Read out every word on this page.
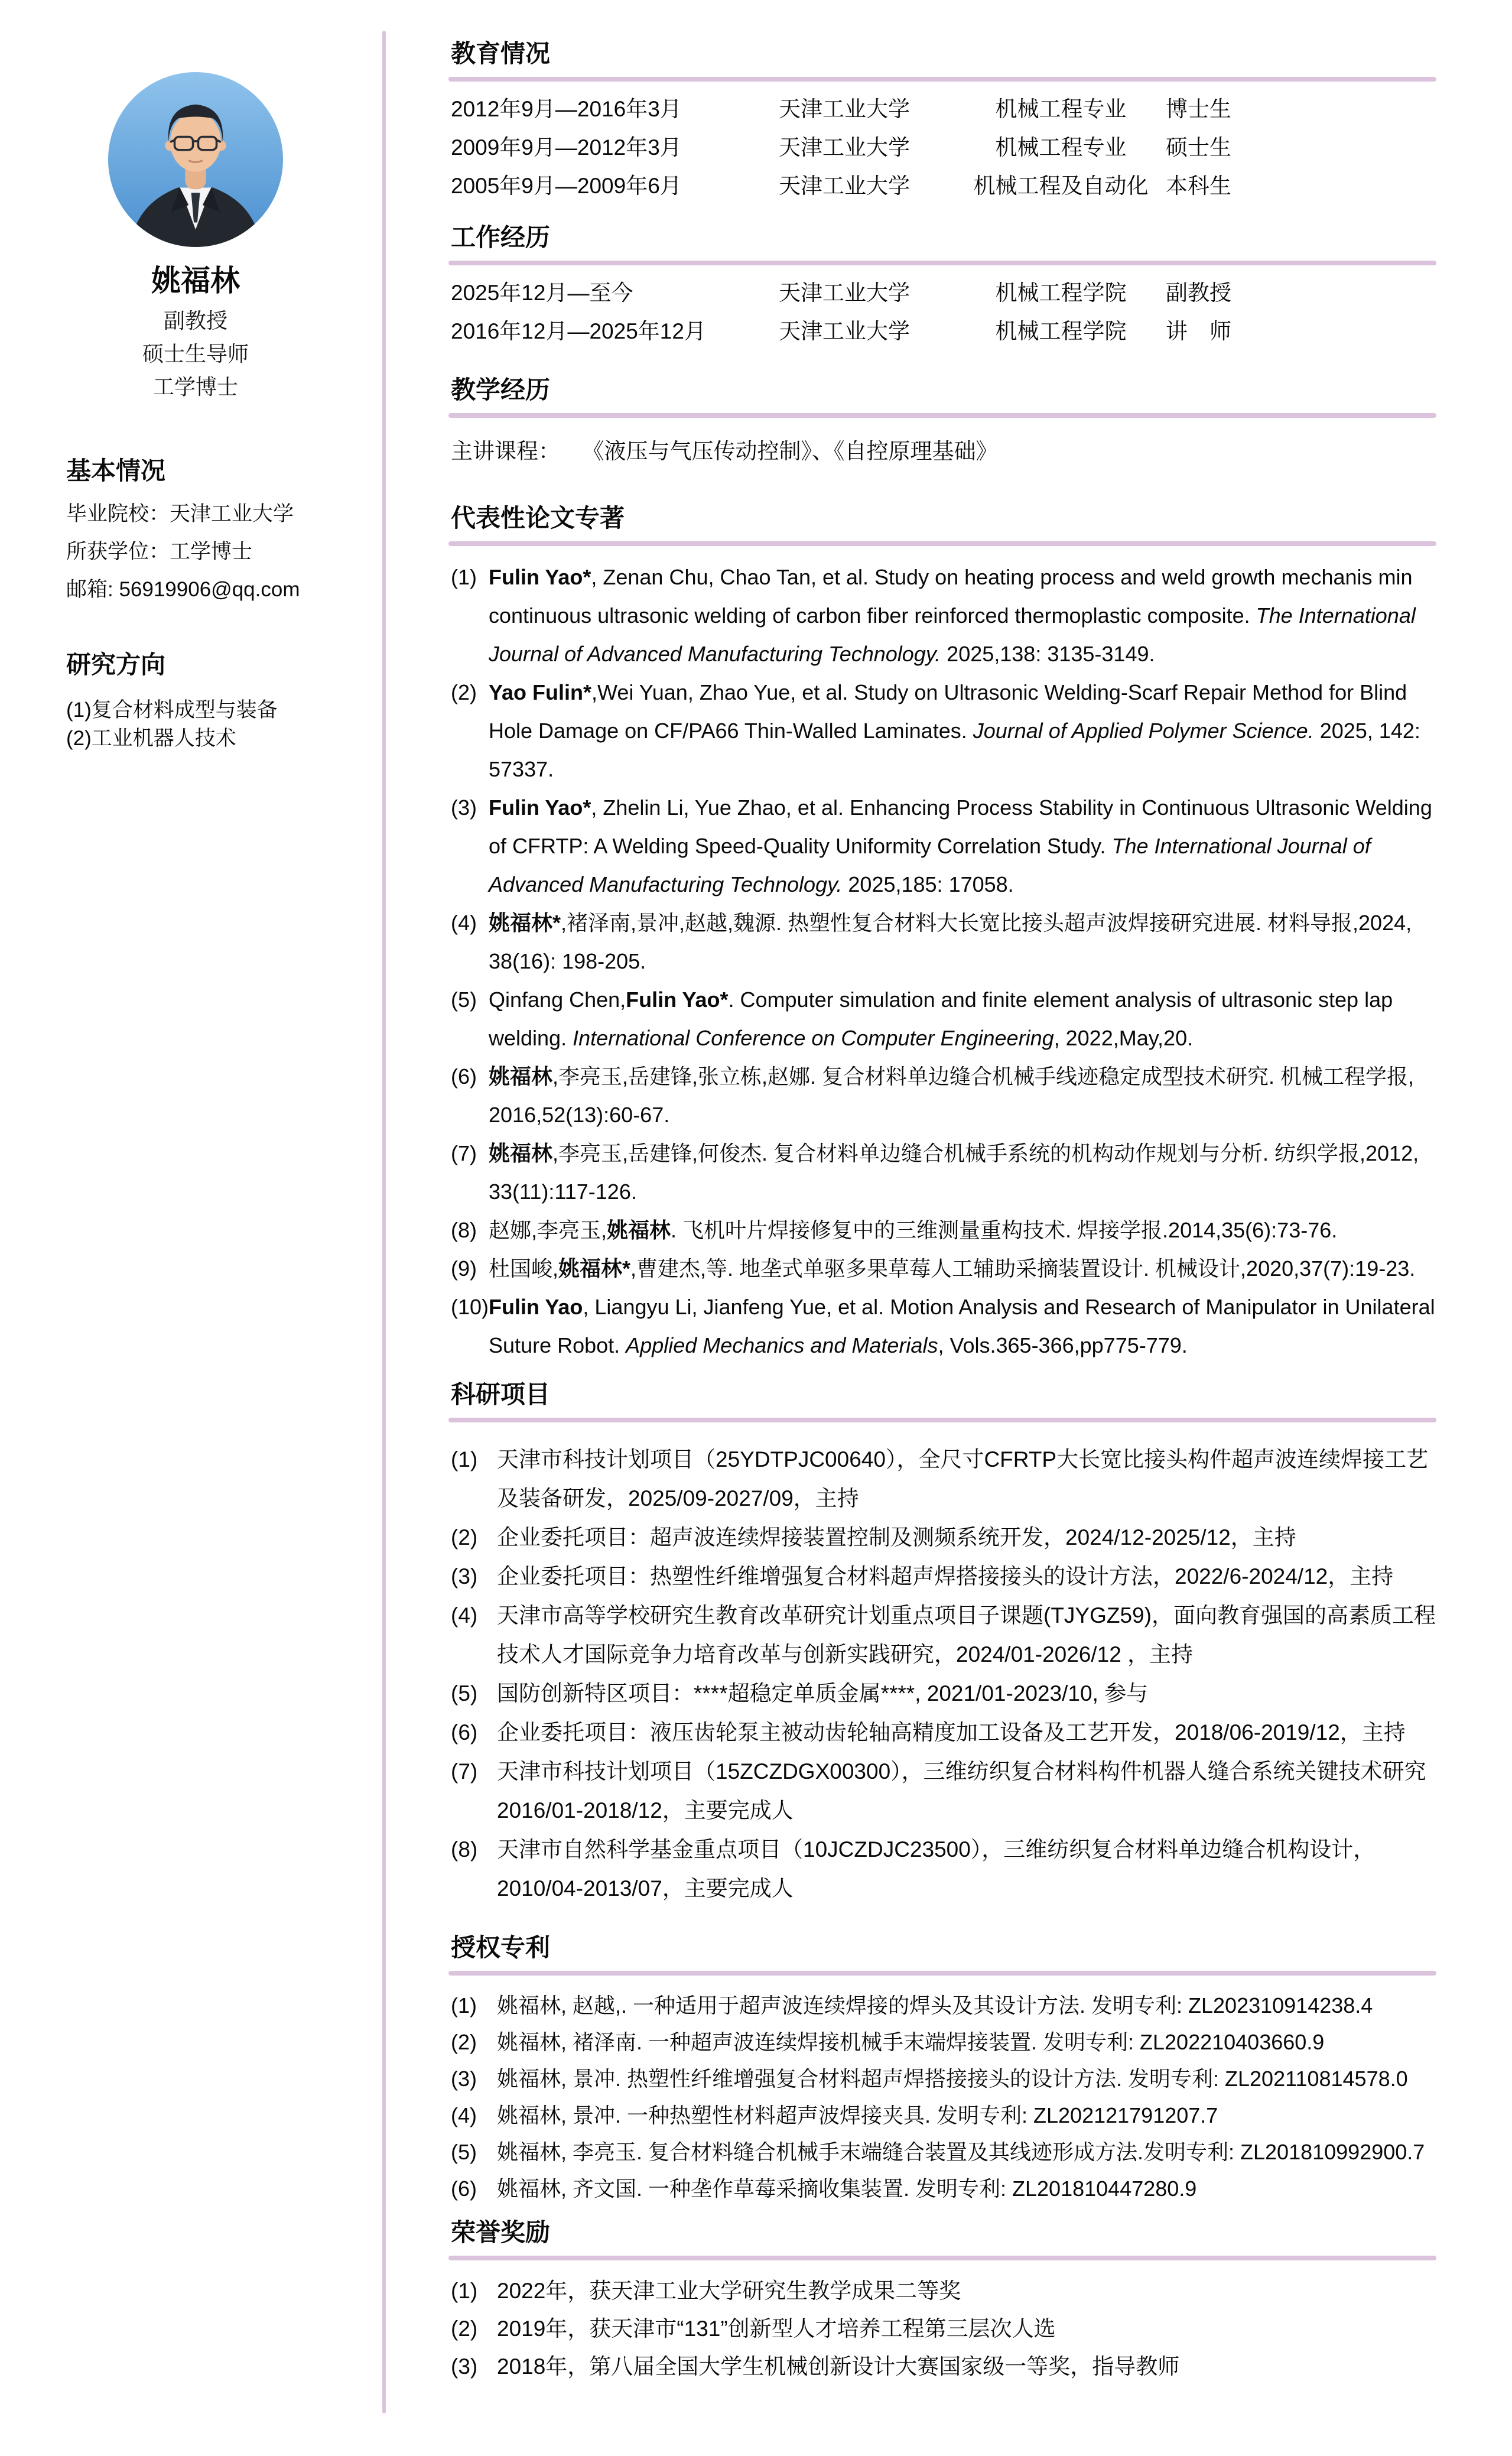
姚福林
副教授
硕士生导师
工学博士
基本情况
毕业院校：天津工业大学
所获学位：工学博士
邮箱: 56919906@qq.com
研究方向
(1)复合材料成型与装备
(2)工业机器人技术
教育情况
2012年9月—2016年3月	天津工业大学	机械工程专业	博士生
2009年9月—2012年3月	天津工业大学	机械工程专业	硕士生
2005年9月—2009年6月	天津工业大学	机械工程及自动化 本科生
工作经历
2025年12月—至今	天津工业大学	机械工程学院	副教授
2016年12月—2025年12月	天津工业大学	机械工程学院	讲　师
教学经历
主讲课程： 《液压与气压传动控制》、《自控原理基础》
代表性论文专著
(1) Fulin Yao*, Zenan Chu, Chao Tan, et al. Study on heating process and weld growth mechanis min continuous ultrasonic welding of carbon fiber reinforced thermoplastic composite. The International Journal of Advanced Manufacturing Technology. 2025,138: 3135-3149.
(2) Yao Fulin*,Wei Yuan, Zhao Yue, et al. Study on Ultrasonic Welding-Scarf Repair Method for Blind Hole Damage on CF/PA66 Thin-Walled Laminates. Journal of Applied Polymer Science. 2025, 142: 57337.
(3) Fulin Yao*, Zhelin Li, Yue Zhao, et al. Enhancing Process Stability in Continuous Ultrasonic Welding of CFRTP: A Welding Speed-Quality Uniformity Correlation Study. The International Journal of Advanced Manufacturing Technology. 2025,185: 17058.
(4) 姚福林*,褚泽南,景冲,赵越,魏源. 热塑性复合材料大长宽比接头超声波焊接研究进展. 材料导报,2024, 38(16): 198-205.
(5) Qinfang Chen,Fulin Yao*. Computer simulation and finite element analysis of ultrasonic step lap welding. International Conference on Computer Engineering, 2022,May,20.
(6) 姚福林,李亮玉,岳建锋,张立栋,赵娜. 复合材料单边缝合机械手线迹稳定成型技术研究. 机械工程学报, 2016,52(13):60-67.
(7) 姚福林,李亮玉,岳建锋,何俊杰. 复合材料单边缝合机械手系统的机构动作规划与分析. 纺织学报,2012, 33(11):117-126.
(8) 赵娜,李亮玉,姚福林. 飞机叶片焊接修复中的三维测量重构技术. 焊接学报.2014,35(6):73-76.
(9) 杜国峻,姚福林*,曹建杰,等. 地垄式单驱多果草莓人工辅助采摘装置设计. 机械设计,2020,37(7):19-23.
(10) Fulin Yao, Liangyu Li, Jianfeng Yue, et al. Motion Analysis and Research of Manipulator in Unilateral Suture Robot. Applied Mechanics and Materials, Vols.365-366,pp775-779.
科研项目
(1) 天津市科技计划项目（25YDTPJC00640），全尺寸CFRTP大长宽比接头构件超声波连续焊接工艺及装备研发，2025/09-2027/09，主持
(2) 企业委托项目：超声波连续焊接装置控制及测频系统开发，2024/12-2025/12，主持
(3) 企业委托项目：热塑性纤维增强复合材料超声焊搭接接头的设计方法，2022/6-2024/12，主持
(4) 天津市高等学校研究生教育改革研究计划重点项目子课题(TJYGZ59)，面向教育强国的高素质工程技术人才国际竞争力培育改革与创新实践研究，2024/01-2026/12 ，主持
(5) 国防创新特区项目：****超稳定单质金属****, 2021/01-2023/10, 参与
(6) 企业委托项目：液压齿轮泵主被动齿轮轴高精度加工设备及工艺开发，2018/06-2019/12，主持
(7) 天津市科技计划项目（15ZCZDGX00300），三维纺织复合材料构件机器人缝合系统关键技术研究 2016/01-2018/12，主要完成人
(8) 天津市自然科学基金重点项目（10JCZDJC23500），三维纺织复合材料单边缝合机构设计， 2010/04-2013/07，主要完成人
授权专利
(1) 姚福林, 赵越,. 一种适用于超声波连续焊接的焊头及其设计方法. 发明专利: ZL202310914238.4
(2) 姚福林, 褚泽南. 一种超声波连续焊接机械手末端焊接装置. 发明专利: ZL202210403660.9
(3) 姚福林, 景冲. 热塑性纤维增强复合材料超声焊搭接接头的设计方法. 发明专利: ZL202110814578.0
(4) 姚福林, 景冲. 一种热塑性材料超声波焊接夹具. 发明专利: ZL202121791207.7
(5) 姚福林, 李亮玉. 复合材料缝合机械手末端缝合装置及其线迹形成方法.发明专利: ZL201810992900.7
(6) 姚福林, 齐文国. 一种垄作草莓采摘收集装置. 发明专利: ZL201810447280.9
荣誉奖励
(1) 2022年，获天津工业大学研究生教学成果二等奖
(2) 2019年，获天津市“131”创新型人才培养工程第三层次人选
(3) 2018年，第八届全国大学生机械创新设计大赛国家级一等奖，指导教师
